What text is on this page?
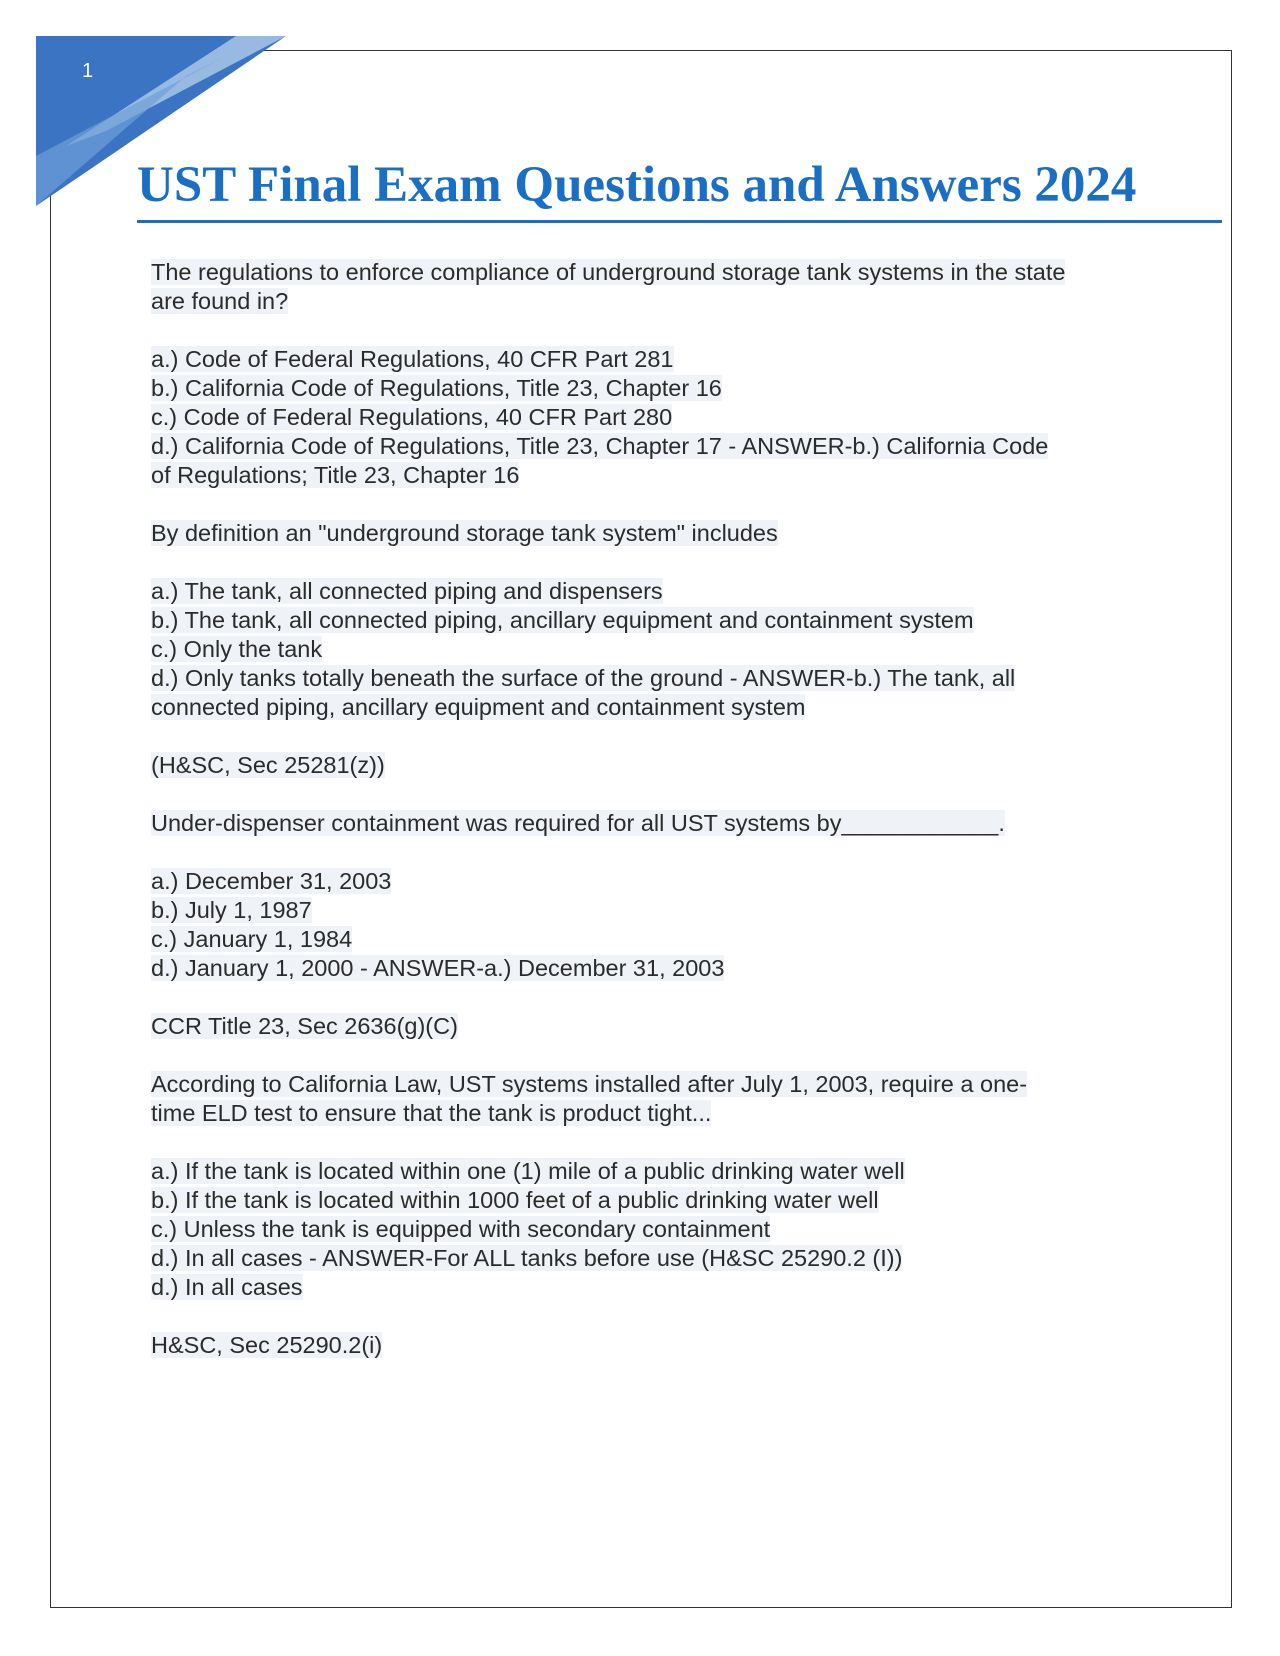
1
UST Final Exam Questions and Answers 2024
The regulations to enforce compliance of underground storage tank systems in the state
are found in?
a.) Code of Federal Regulations, 40 CFR Part 281
b.) California Code of Regulations, Title 23, Chapter 16
c.) Code of Federal Regulations, 40 CFR Part 280
d.) California Code of Regulations, Title 23, Chapter 17 - ANSWER-b.) California Code
of Regulations; Title 23, Chapter 16
By definition an "underground storage tank system" includes
a.) The tank, all connected piping and dispensers
b.) The tank, all connected piping, ancillary equipment and containment system
c.) Only the tank
d.) Only tanks totally beneath the surface of the ground - ANSWER-b.) The tank, all
connected piping, ancillary equipment and containment system
(H&SC, Sec 25281(z))
Under-dispenser containment was required for all UST systems by____________.
a.) December 31, 2003
b.) July 1, 1987
c.) January 1, 1984
d.) January 1, 2000 - ANSWER-a.) December 31, 2003
CCR Title 23, Sec 2636(g)(C)
According to California Law, UST systems installed after July 1, 2003, require a one-
time ELD test to ensure that the tank is product tight...
a.) If the tank is located within one (1) mile of a public drinking water well
b.) If the tank is located within 1000 feet of a public drinking water well
c.) Unless the tank is equipped with secondary containment
d.) In all cases - ANSWER-For ALL tanks before use (H&SC 25290.2 (I))
d.) In all cases
H&SC, Sec 25290.2(i)
